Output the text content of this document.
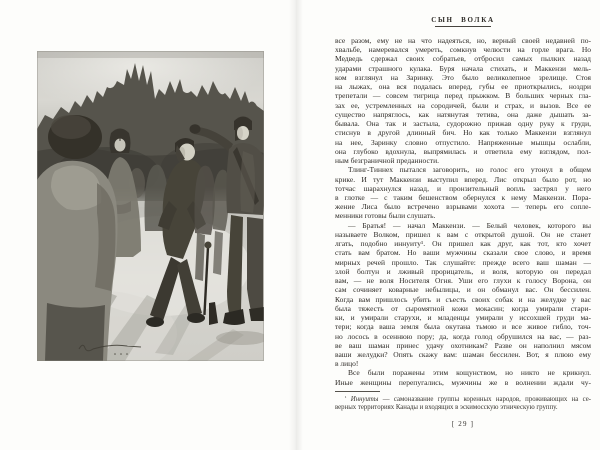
СЫН ВОЛКА
все разом, ему не на что надеяться, но, верный своей недавней по-
хвальбе, намеревался умереть, сомкнув челюсти на горле врага. Но
Медведь сдержал своих собратьев, отбросил самых пылких назад
ударами страшного кулака. Буря начала стихать, и Маккензи мель-
ком взглянул на Заринку. Это было великолепное зрелище. Стоя
на лыжах, она вся подалась вперед, губы ее приоткрылись, ноздри
трепетали — совсем тигрица перед прыжком. В больших черных гла-
зах ее, устремленных на сородичей, были и страх, и вызов. Все ее
существо напряглось, как натянутая тетива, она даже дышать за-
бывала. Она так и застыла, судорожно прижав одну руку к груди,
стиснув в другой длинный бич. Но как только Маккензи взглянул
на нее, Заринку словно отпустило. Напряженные мышцы ослабли,
она глубоко вдохнула, выпрямилась и ответила ему взглядом, пол-
ным безграничной преданности.
Тлинг-Тиннех пытался заговорить, но голос его утонул в общем
крике. И тут Маккензи выступил вперед. Лис открыл было рот, но
тотчас шарахнулся назад, и пронзительный вопль застрял у него
в глотке — с таким бешенством обернулся к нему Маккензи. Пора-
жение Лиса было встречено взрывами хохота — теперь его сопле-
менники готовы были слушать.
— Братья! — начал Маккензи. — Белый человек, которого вы
называете Волком, пришел к вам с открытой душой. Он не станет
лгать, подобно иннуиту¹. Он пришел как друг, как тот, кто хочет
стать вам братом. Но ваши мужчины сказали свое слово, и время
мирных речей прошло. Так слушайте: прежде всего ваш шаман —
злой болтун и лживый прорицатель, и воля, которую он передал
вам, — не воля Носителя Огня. Уши его глухи к голосу Ворона, он
сам сочиняет коварные небылицы, и он обманул вас. Он бессилен.
Когда вам пришлось убить и съесть своих собак и на желудке у вас
была тяжесть от сыромятной кожи мокасин; когда умирали стари-
ки, и умирали старухи, и младенцы умирали у иссохшей груди ма-
тери; когда ваша земля была окутана тьмою и все живое гибло, точ-
но лосось в осеннюю пору; да, когда голод обрушился на вас, — раз-
ве ваш шаман принес удачу охотникам? Разве он наполнил мясом
ваши желудки? Опять скажу вам: шаман бессилен. Вот, я плюю ему
в лицо!
Все были поражены этим кощунством, но никто не крикнул.
Иные женщины перепугались, мужчины же в волнении ждали чу-
$^{^1}$ Иннуиты — самоназвание группы коренных народов, проживающих на се-
верных территориях Канады и входящих в эскимосскую этническую группу.
[ 29 ]
